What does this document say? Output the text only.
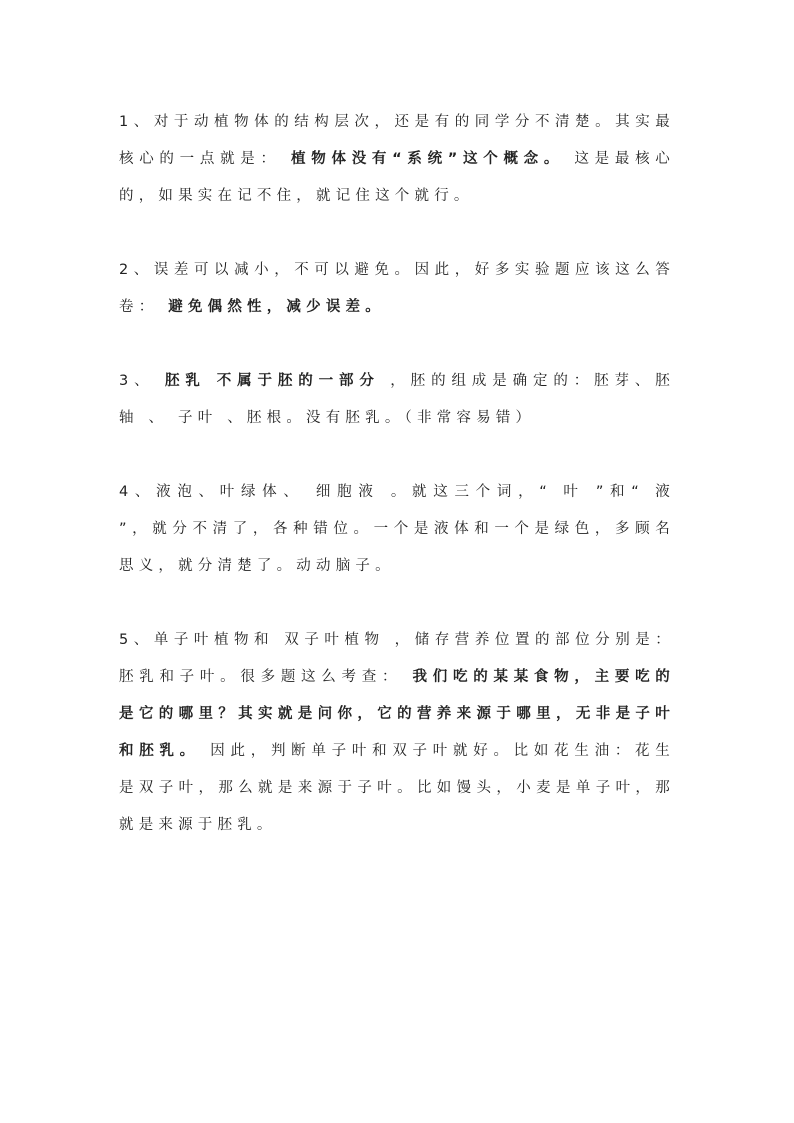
1、对于动植物体的结构层次，还是有的同学分不清楚。其实最核心的一点就是： 植物体没有“系统”这个概念。 这是最核心的，如果实在记不住，就记住这个就行。

2、误差可以减小，不可以避免。因此，好多实验题应该这么答卷： 避免偶然性，减少误差。

3、 胚乳 不属于胚的一部分 ，胚的组成是确定的：胚芽、胚轴 、 子叶 、胚根。没有胚乳。（非常容易错）

4、液泡、叶绿体、 细胞液 。就这三个词，“ 叶 ”和“ 液 ”，就分不清了，各种错位。一个是液体和一个是绿色，多顾名思义，就分清楚了。动动脑子。

5、单子叶植物和 双子叶植物 ，储存营养位置的部位分别是：胚乳和子叶。很多题这么考查： 我们吃的某某食物，主要吃的是它的哪里？其实就是问你，它的营养来源于哪里，无非是子叶和胚乳。 因此，判断单子叶和双子叶就好。比如花生油：花生是双子叶，那么就是来源于子叶。比如馒头，小麦是单子叶，那就是来源于胚乳。
